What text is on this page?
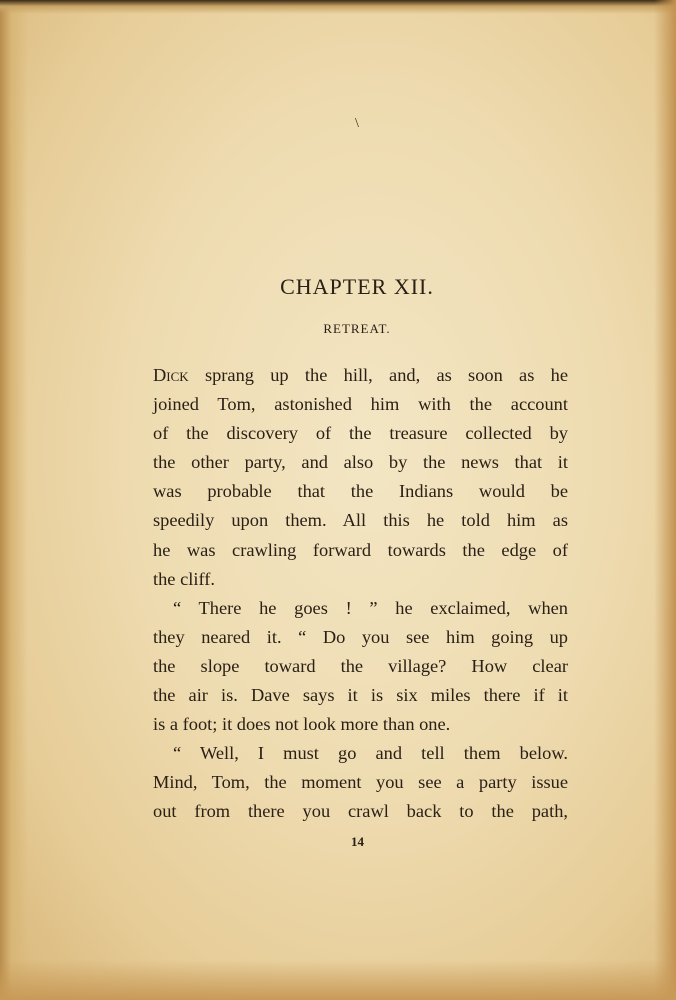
\
CHAPTER XII.
RETREAT.
Dick sprang up the hill, and, as soon as he
joined Tom, astonished him with the account
of the discovery of the treasure collected by
the other party, and also by the news that it
was probable that the Indians would be
speedily upon them. All this he told him as
he was crawling forward towards the edge of
the cliff.
“ There he goes ! ” he exclaimed, when
they neared it. “ Do you see him going up
the slope toward the village? How clear
the air is. Dave says it is six miles there if it
is a foot; it does not look more than one.
“ Well, I must go and tell them below.
Mind, Tom, the moment you see a party issue
out from there you crawl back to the path,
14
